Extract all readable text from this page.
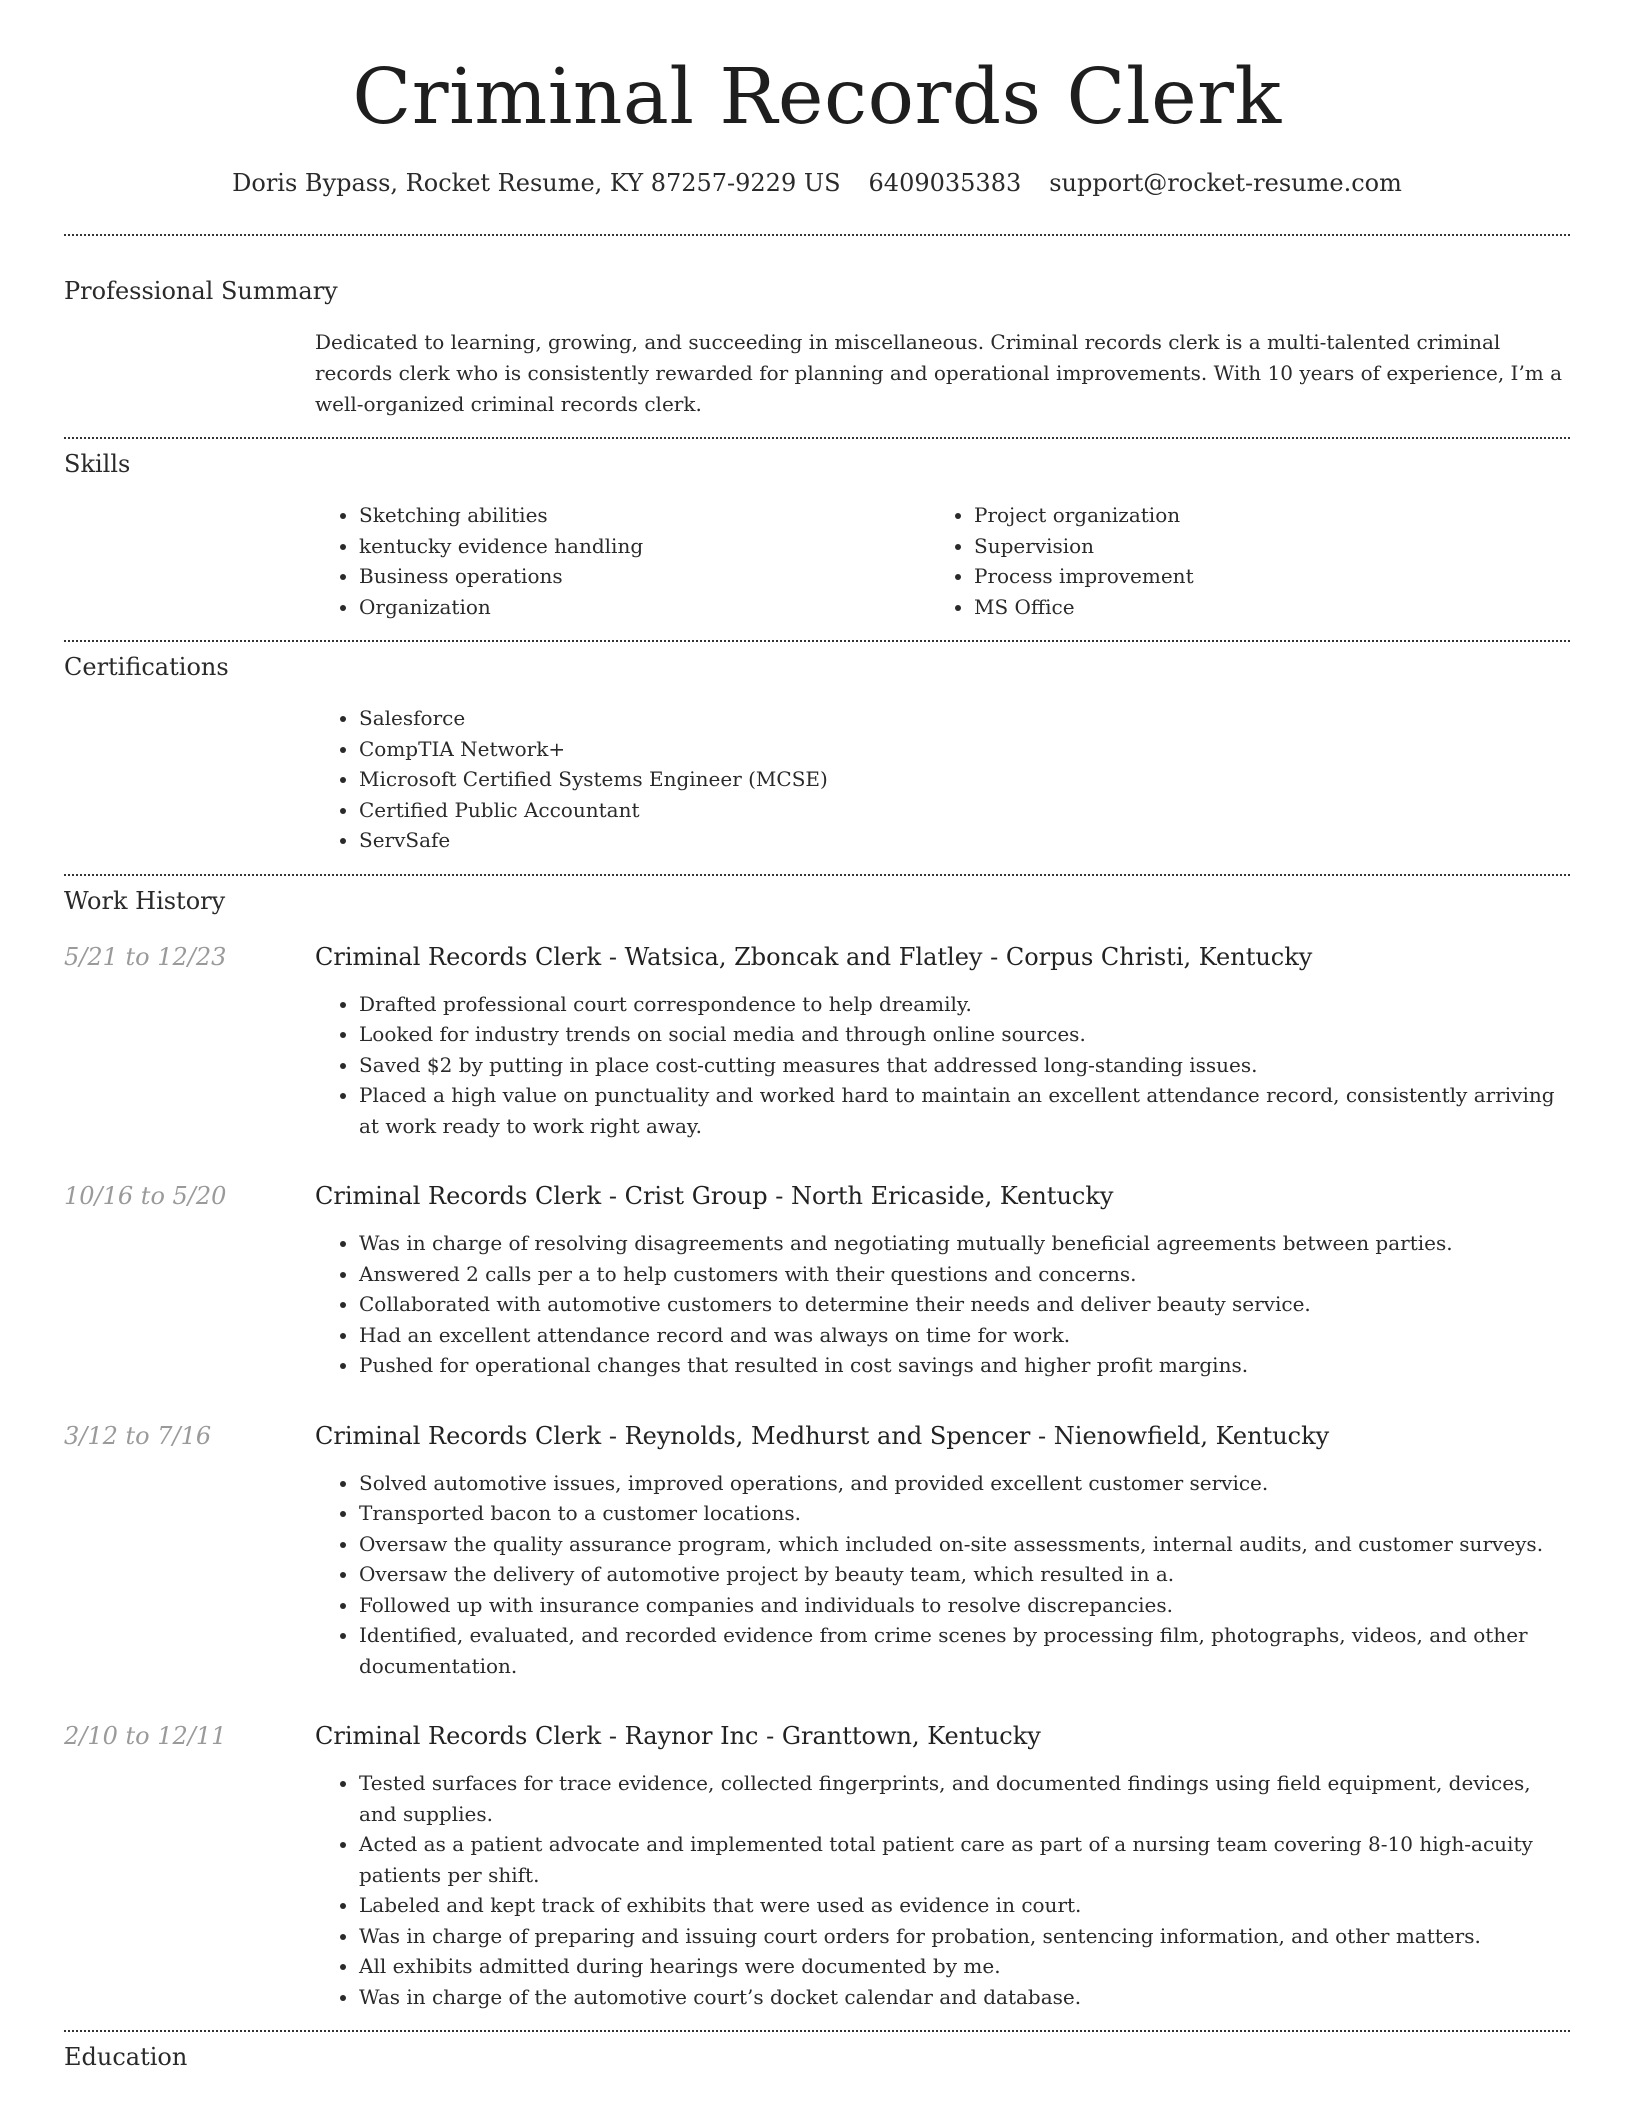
Criminal Records Clerk
Doris Bypass, Rocket Resume, KY 87257-9229 US 6409035383 support@rocket-resume.com
Professional Summary
Dedicated to learning, growing, and succeeding in miscellaneous. Criminal records clerk is a multi-talented criminal records clerk who is consistently rewarded for planning and operational improvements. With 10 years of experience, I’m a well-organized criminal records clerk.
Skills
• Sketching abilities
• kentucky evidence handling
• Business operations
• Organization
• Project organization
• Supervision
• Process improvement
• MS Office
Certifications
• Salesforce
• CompTIA Network+
• Microsoft Certified Systems Engineer (MCSE)
• Certified Public Accountant
• ServSafe
Work History
5/21 to 12/23	Criminal Records Clerk - Watsica, Zboncak and Flatley - Corpus Christi, Kentucky
• Drafted professional court correspondence to help dreamily.
• Looked for industry trends on social media and through online sources.
• Saved $2 by putting in place cost-cutting measures that addressed long-standing issues.
• Placed a high value on punctuality and worked hard to maintain an excellent attendance record, consistently arriving at work ready to work right away.
10/16 to 5/20	Criminal Records Clerk - Crist Group - North Ericaside, Kentucky
• Was in charge of resolving disagreements and negotiating mutually beneficial agreements between parties.
• Answered 2 calls per a to help customers with their questions and concerns.
• Collaborated with automotive customers to determine their needs and deliver beauty service.
• Had an excellent attendance record and was always on time for work.
• Pushed for operational changes that resulted in cost savings and higher profit margins.
3/12 to 7/16	Criminal Records Clerk - Reynolds, Medhurst and Spencer - Nienowfield, Kentucky
• Solved automotive issues, improved operations, and provided excellent customer service.
• Transported bacon to a customer locations.
• Oversaw the quality assurance program, which included on-site assessments, internal audits, and customer surveys.
• Oversaw the delivery of automotive project by beauty team, which resulted in a.
• Followed up with insurance companies and individuals to resolve discrepancies.
• Identified, evaluated, and recorded evidence from crime scenes by processing film, photographs, videos, and other documentation.
2/10 to 12/11	Criminal Records Clerk - Raynor Inc - Granttown, Kentucky
• Tested surfaces for trace evidence, collected fingerprints, and documented findings using field equipment, devices, and supplies.
• Acted as a patient advocate and implemented total patient care as part of a nursing team covering 8-10 high-acuity patients per shift.
• Labeled and kept track of exhibits that were used as evidence in court.
• Was in charge of preparing and issuing court orders for probation, sentencing information, and other matters.
• All exhibits admitted during hearings were documented by me.
• Was in charge of the automotive court’s docket calendar and database.
Education
